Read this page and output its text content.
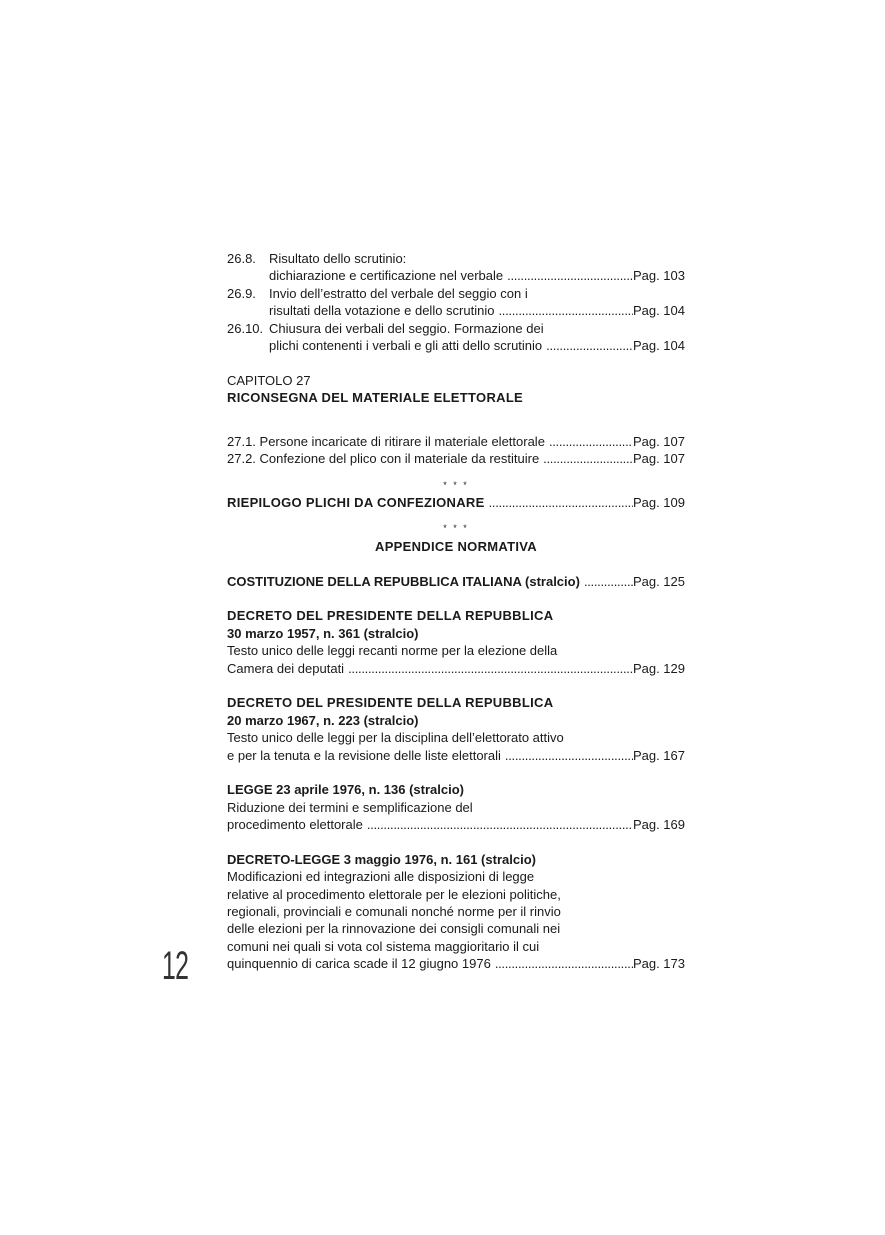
26.8. Risultato dello scrutinio:
dichiarazione e certificazione nel verbale .....	Pag. 103
26.9. Invio dell’estratto del verbale del seggio con i
risultati della votazione e dello scrutinio .....	Pag. 104
26.10. Chiusura dei verbali del seggio. Formazione dei
plichi contenenti i verbali e gli atti dello scrutinio .....	Pag. 104
CAPITOLO 27
RICONSEGNA DEL MATERIALE ELETTORALE
27.1. Persone incaricate di ritirare il materiale elettorale .....	Pag. 107
27.2. Confezione del plico con il materiale da restituire .....	Pag. 107
* * *
RIEPILOGO PLICHI DA CONFEZIONARE .....	Pag. 109
* * *
APPENDICE NORMATIVA
COSTITUZIONE DELLA REPUBBLICA ITALIANA (stralcio) .....	Pag. 125
DECRETO DEL PRESIDENTE DELLA REPUBBLICA
30 marzo 1957, n. 361 (stralcio)
Testo unico delle leggi recanti norme per la elezione della
Camera dei deputati .....	Pag. 129
DECRETO DEL PRESIDENTE DELLA REPUBBLICA
20 marzo 1967, n. 223 (stralcio)
Testo unico delle leggi per la disciplina dell’elettorato attivo
e per la tenuta e la revisione delle liste elettorali .....	Pag. 167
LEGGE 23 aprile 1976, n. 136 (stralcio)
Riduzione dei termini e semplificazione del
procedimento elettorale .....	Pag. 169
DECRETO-LEGGE 3 maggio 1976, n. 161 (stralcio)
Modificazioni ed integrazioni alle disposizioni di legge
relative al procedimento elettorale per le elezioni politiche,
regionali, provinciali e comunali nonché norme per il rinvio
delle elezioni per la rinnovazione dei consigli comunali nei
comuni nei quali si vota col sistema maggioritario il cui
quinquennio di carica scade il 12 giugno 1976 .....	Pag. 173
12
